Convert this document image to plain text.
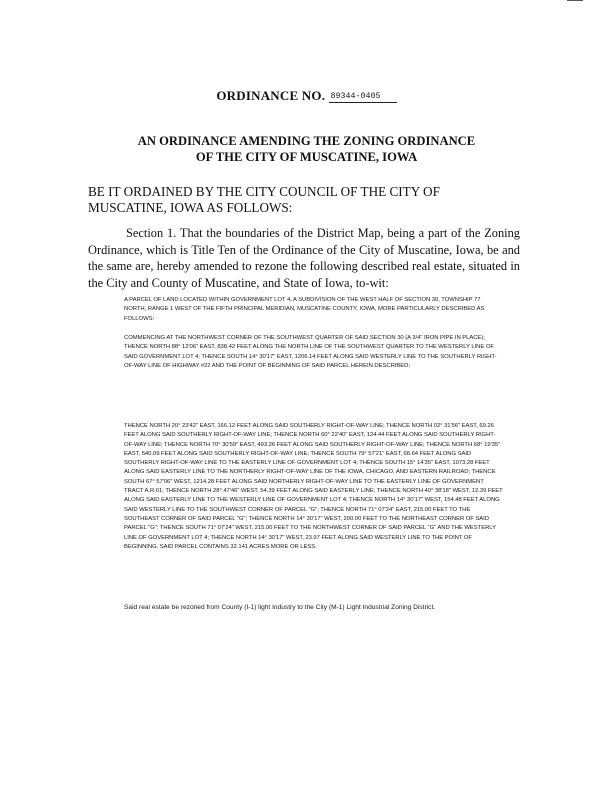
ORDINANCE NO. 89344-0405
AN ORDINANCE AMENDING THE ZONING ORDINANCE
OF THE CITY OF MUSCATINE, IOWA
BE IT ORDAINED BY THE CITY COUNCIL OF THE CITY OF MUSCATINE, IOWA AS FOLLOWS:
Section 1. That the boundaries of the District Map, being a part of the Zoning Ordinance, which is Title Ten of the Ordinance of the City of Muscatine, Iowa, be and the same are, hereby amended to rezone the following described real estate, situated in the City and County of Muscatine, and State of Iowa, to-wit:
A PARCEL OF LAND LOCATED WITHIN GOVERNMENT LOT 4, A SUBDIVISION OF THE WEST HALF OF SECTION 30, TOWNSHIP 77 NORTH, RANGE 1 WEST OF THE FIFTH PRINCIPAL MERIDIAN, MUSCATINE COUNTY, IOWA, MORE PARTICULARLY DESCRIBED AS FOLLOWS:
COMMENCING AT THE NORTHWEST CORNER OF THE SOUTHWEST QUARTER OF SAID SECTION 30 (A 3/4" IRON PIPE IN PLACE); THENCE NORTH 88° 12'06" EAST, 838.42 FEET ALONG THE NORTH LINE OF THE SOUTHWEST QUARTER TO THE WESTERLY LINE OF SAID GOVERNMENT LOT 4; THENCE SOUTH 14° 30'17" EAST, 1206.14 FEET ALONG SAID WESTERLY LINE TO THE SOUTHERLY RIGHT-OF-WAY LINE OF HIGHWAY #22 AND THE POINT OF BEGINNING OF SAID PARCEL HEREIN DESCRIBED;
THENCE NORTH 20° 23'42" EAST, 166.12 FEET ALONG SAID SOUTHERLY RIGHT-OF-WAY LINE; THENCE NORTH 02° 31'56" EAST, 69.26 FEET ALONG SAID SOUTHERLY RIGHT-OF-WAY LINE; THENCE NORTH 60° 22'40" EAST, 124.44 FEET ALONG SAID SOUTHERLY RIGHT-OF-WAY LINE; THENCE NORTH 70° 30'59" EAST, 493.26 FEET ALONG SAID SOUTHERLY RIGHT-OF-WAY LINE; THENCE NORTH 68° 19'35" EAST, 540.09 FEET ALONG SAID SOUTHERLY RIGHT-OF-WAY LINE; THENCE SOUTH 79° 57'21" EAST, 68.64 FEET ALONG SAID SOUTHERLY RIGHT-OF-WAY LINE TO THE EASTERLY LINE OF GOVERNMENT LOT 4; THENCE SOUTH 15° 14'35" EAST, 1073.28 FEET ALONG SAID EASTERLY LINE TO THE NORTHERLY RIGHT-OF-WAY LINE OF THE IOWA, CHICAGO, AND EASTERN RAILROAD; THENCE SOUTH 67° 57'06" WEST, 1214.28 FEET ALONG SAID NORTHERLY RIGHT-OF-WAY LINE TO THE EASTERLY LINE OF GOVERNMENT TRACT A.R.01; THENCE NORTH 28° 47'46" WEST, 54.39 FEET ALONG SAID EASTERLY LINE; THENCE NORTH 40° 38'18" WEST, 12.39 FEET ALONG SAID EASTERLY LINE TO THE WESTERLY LINE OF GOVERNMENT LOT 4; THENCE NORTH 14° 30'17" WEST, 154.48 FEET ALONG SAID WESTERLY LINE TO THE SOUTHWEST CORNER OF PARCEL "G"; THENCE NORTH 71° 07'24" EAST, 215.00 FEET TO THE SOUTHEAST CORNER OF SAID PARCEL "G"; THENCE NORTH 14° 30'17" WEST, 200.00 FEET TO THE NORTHEAST CORNER OF SAID PARCEL "G"; THENCE SOUTH 71° 07'24" WEST, 215.00 FEET TO THE NORTHWEST CORNER OF SAID PARCEL "G" AND THE WESTERLY LINE OF GOVERNMENT LOT 4; THENCE NORTH 14° 30'17" WEST, 23.97 FEET ALONG SAID WESTERLY LINE TO THE POINT OF BEGINNING. SAID PARCEL CONTAINS 32.141 ACRES MORE OR LESS.
Said real estate be rezoned from County (I-1) light Industry to the City (M-1) Light Industrial Zoning District.
